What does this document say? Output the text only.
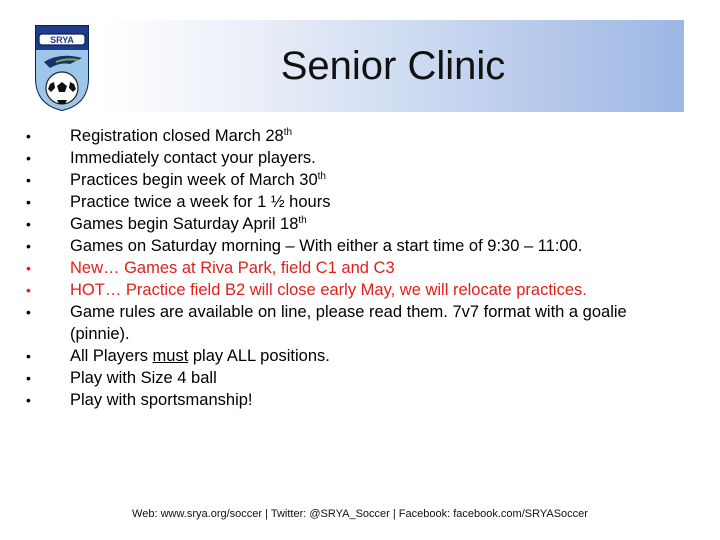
SRYA
Senior Clinic
•	Registration closed March 28th
•	Immediately contact your players.
•	Practices begin week of March 30th
•	Practice twice a week for 1 ½ hours
•	Games begin Saturday April 18th
•	Games on Saturday morning – With either a start time of 9:30 – 11:00.
•	New… Games at Riva Park, field C1 and C3
•	HOT… Practice field B2 will close early May, we will relocate practices.
•	Game rules are available on line, please read them. 7v7 format with a goalie (pinnie).
•	All Players must play ALL positions.
•	Play with Size 4 ball
•	Play with sportsmanship!
Web: www.srya.org/soccer | Twitter: @SRYA_Soccer | Facebook: facebook.com/SRYASoccer
